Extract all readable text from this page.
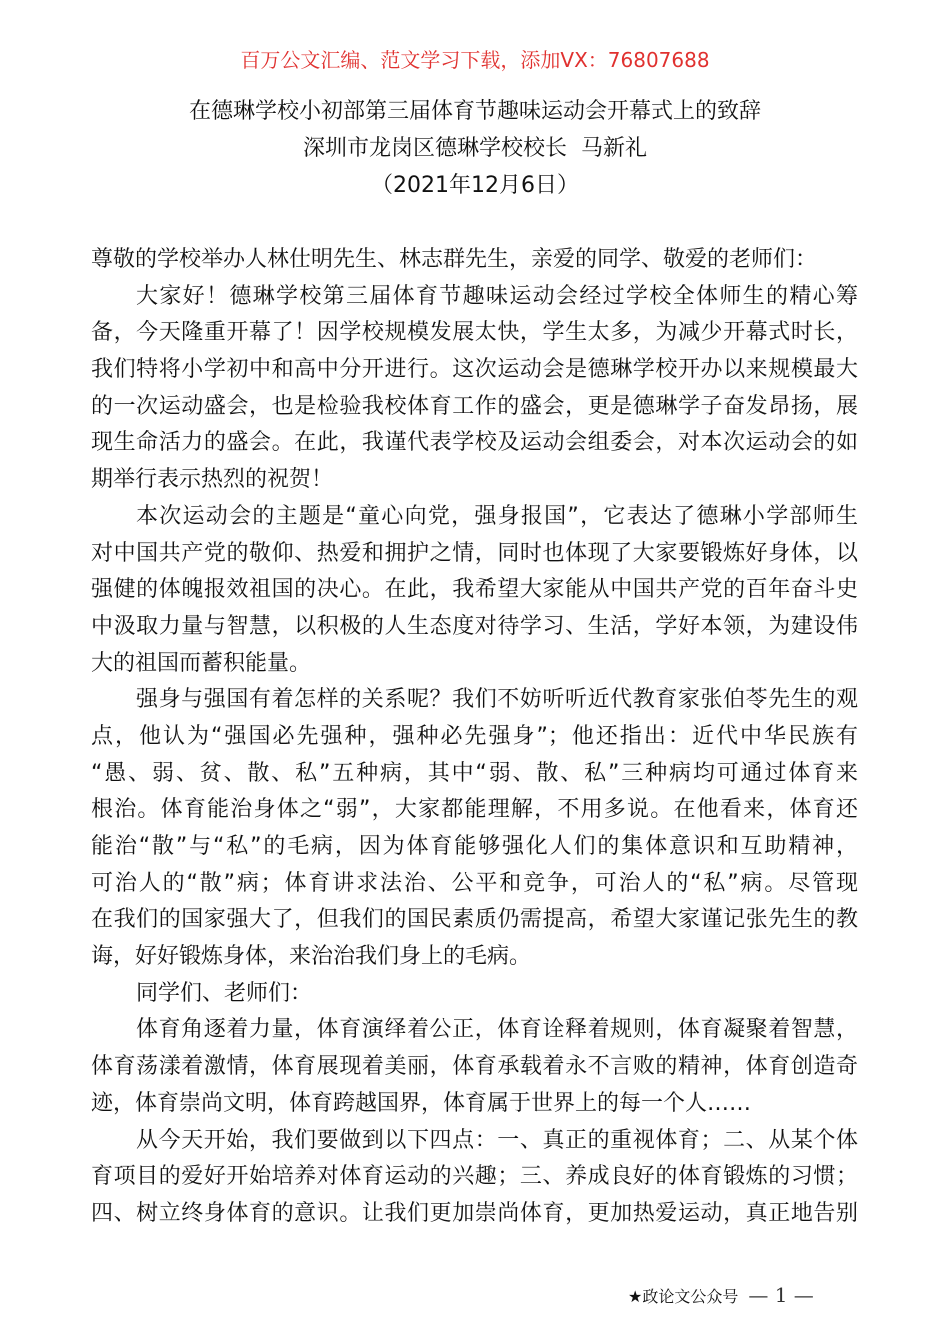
百万公文汇编、范文学习下载，添加VX：76807688
在德琳学校小初部第三届体育节趣味运动会开幕式上的致辞
深圳市龙岗区德琳学校校长  马新礼
（2021年12月6日）
尊敬的学校举办人林仕明先生、林志群先生，亲爱的同学、敬爱的老师们：
大家好！德琳学校第三届体育节趣味运动会经过学校全体师生的精心筹
备，今天隆重开幕了！因学校规模发展太快，学生太多，为减少开幕式时长，
我们特将小学初中和高中分开进行。这次运动会是德琳学校开办以来规模最大
的一次运动盛会，也是检验我校体育工作的盛会，更是德琳学子奋发昂扬，展
现生命活力的盛会。在此，我谨代表学校及运动会组委会，对本次运动会的如
期举行表示热烈的祝贺！
本次运动会的主题是“童心向党，强身报国”，它表达了德琳小学部师生
对中国共产党的敬仰、热爱和拥护之情，同时也体现了大家要锻炼好身体，以
强健的体魄报效祖国的决心。在此，我希望大家能从中国共产党的百年奋斗史
中汲取力量与智慧，以积极的人生态度对待学习、生活，学好本领，为建设伟
大的祖国而蓄积能量。
强身与强国有着怎样的关系呢？我们不妨听听近代教育家张伯苓先生的观
点，他认为“强国必先强种，强种必先强身”；他还指出：近代中华民族有
“愚、弱、贫、散、私”五种病，其中“弱、散、私”三种病均可通过体育来
根治。体育能治身体之“弱”，大家都能理解，不用多说。在他看来，体育还
能治“散”与“私”的毛病，因为体育能够强化人们的集体意识和互助精神，
可治人的“散”病；体育讲求法治、公平和竞争，可治人的“私”病。尽管现
在我们的国家强大了，但我们的国民素质仍需提高，希望大家谨记张先生的教
诲，好好锻炼身体，来治治我们身上的毛病。
同学们、老师们：
体育角逐着力量，体育演绎着公正，体育诠释着规则，体育凝聚着智慧，
体育荡漾着激情，体育展现着美丽，体育承载着永不言败的精神，体育创造奇
迹，体育崇尚文明，体育跨越国界，体育属于世界上的每一个人……
从今天开始，我们要做到以下四点：一、真正的重视体育；二、从某个体
育项目的爱好开始培养对体育运动的兴趣；三、养成良好的体育锻炼的习惯；
四、树立终身体育的意识。让我们更加崇尚体育，更加热爱运动，真正地告别
★政论文公众号 — 1 —
